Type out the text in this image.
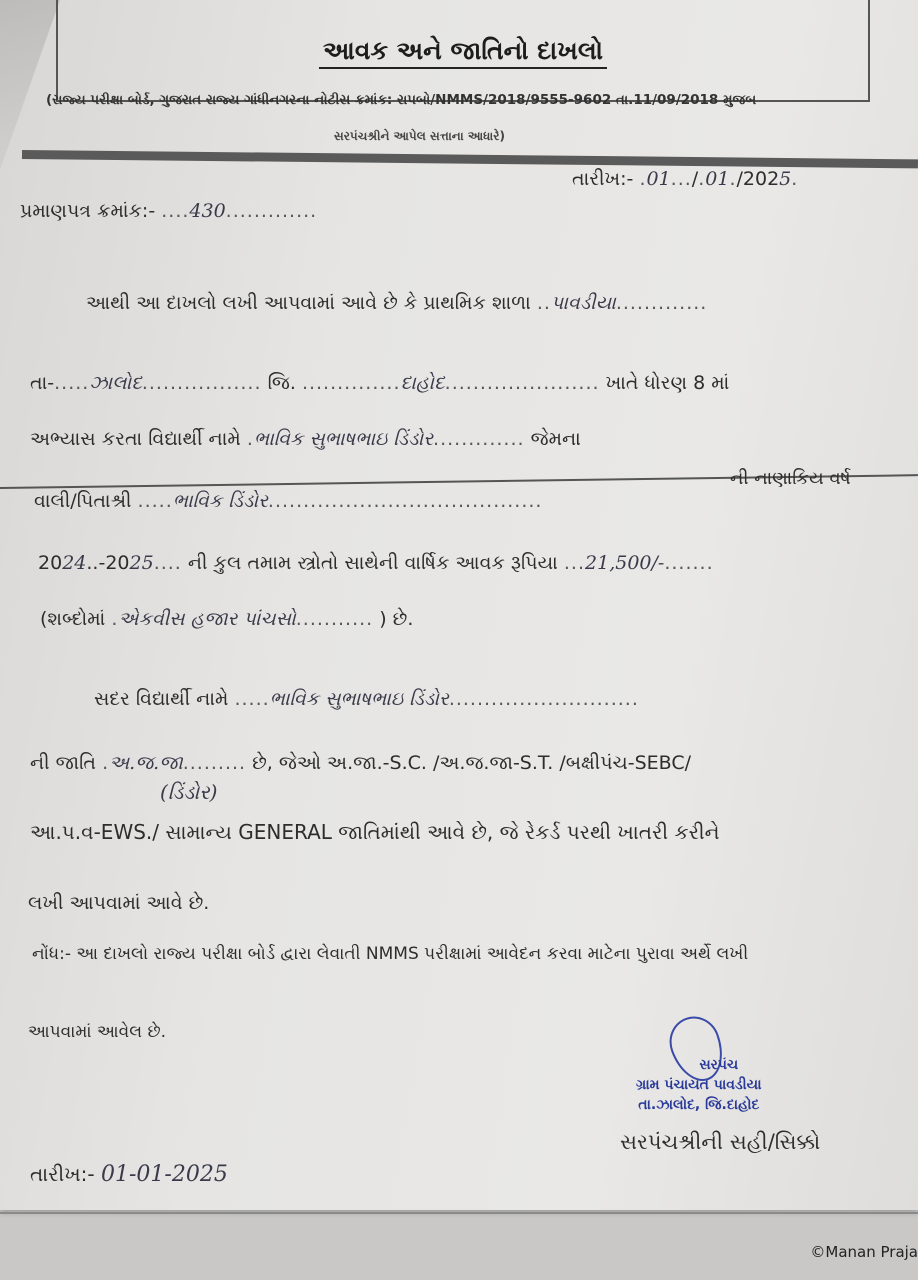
આવક અને જાતિનો દાખલો
(રાજ્ય પરીક્ષા બોર્ડ, ગુજરાત રાજ્ય ગાંધીનગરના નોટીસ ક્રમાંક: રાપબો/NMMS/2018/9555-9602 તા.11/09/2018 મુજબ
સરપંચશ્રીને આપેલ સત્તાના આધારે)
પ્રમાણપત્ર ક્રમાંક:- ....430.............
તારીખ:- .01.../.01./2025.
આથી આ દાખલો લખી આપવામાં આવે છે કે પ્રાથમિક શાળા ..પાવડીયા.............
તા-.....ઝાલોદ................. જિ. ..............દાહોદ...................... ખાતે ધોરણ 8 માં
અભ્યાસ કરતા વિદ્યાર્થી નામે .ભાવિક સુભાષભાઇ ડિંડોર............. જેમના
વાલી/પિતાશ્રી .....ભાવિક ડિંડોર.......................................
ની નાણાકિય વર્ષ
2024..-2025.... ની કુલ તમામ સ્ત્રોતો સાથેની વાર્ષિક આવક રૂપિયા ...21,500/-.......
(શબ્દોમાં .એકવીસ હજાર પાંચસો........... ) છે.
સદર વિદ્યાર્થી નામે .....ભાવિક સુભાષભાઇ ડિંડોર...........................
ની જાતિ .અ.જ.જા......... છે, જેઓ અ.જા.-S.C. /અ.જ.જા-S.T. /બક્ષીપંચ-SEBC/
(ડિંડોર)
આ.પ.વ-EWS./ સામાન્ય GENERAL જાતિમાંથી આવે છે, જે રેકર્ડ પરથી ખાતરી કરીને
લખી આપવામાં આવે છે.
નોંધ:- આ દાખલો રાજ્ય પરીક્ષા બોર્ડ દ્વારા લેવાતી NMMS પરીક્ષામાં આવેદન કરવા માટેના પુરાવા અર્થે લખી
આપવામાં આવેલ છે.
સરપંચ
ગ્રામ પંચાયત પાવડીયા
તા.ઝાલોદ, જિ.દાહોદ
સરપંચશ્રીની સહી/સિક્કો
તારીખ:- 01-01-2025
©Manan Praja
